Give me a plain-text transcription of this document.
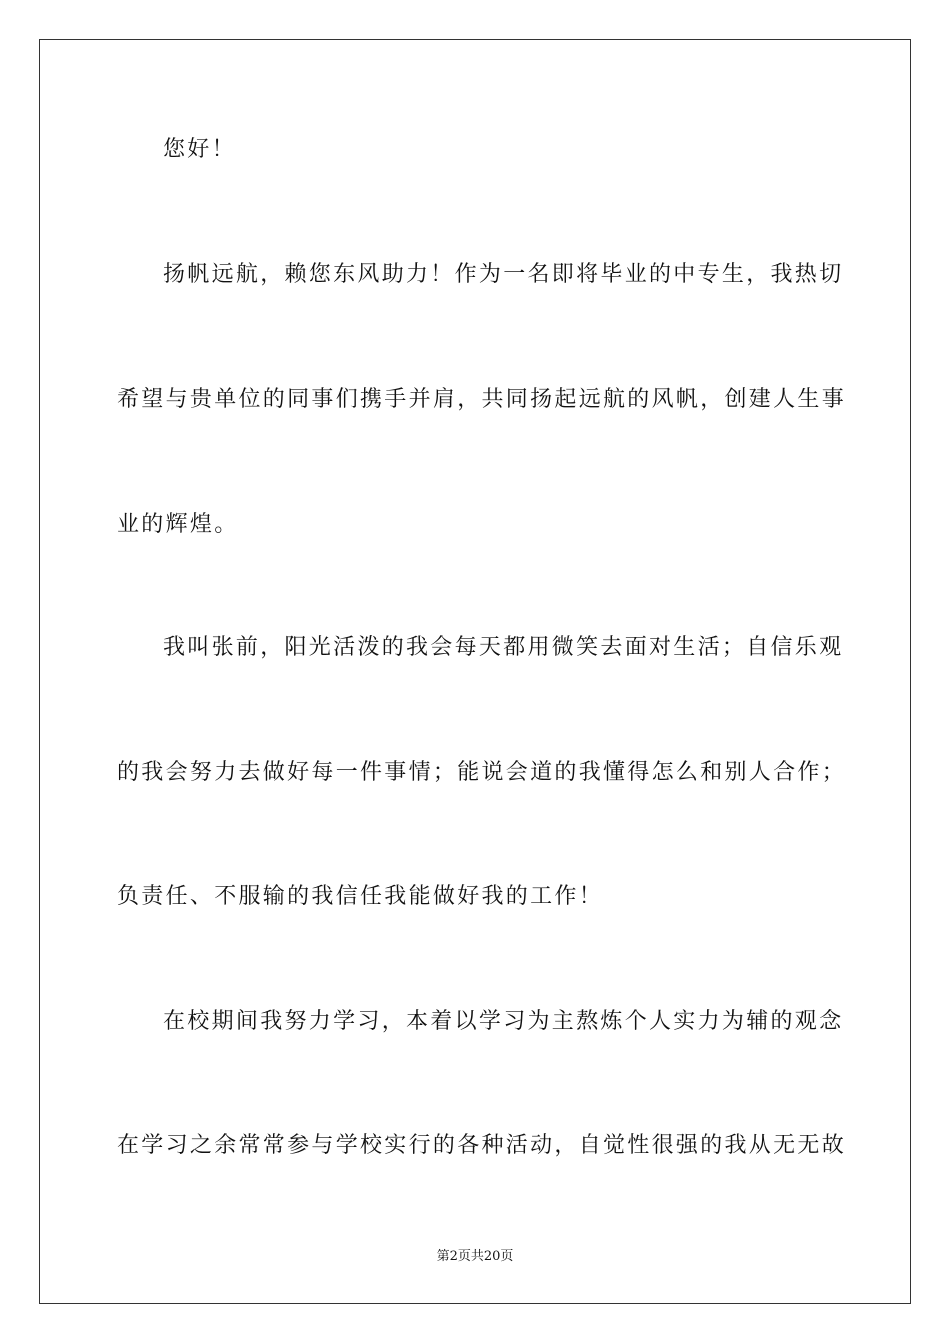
您好！
扬帆远航，赖您东风助力！作为一名即将毕业的中专生，我热切
希望与贵单位的同事们携手并肩，共同扬起远航的风帆，创建人生事
业的辉煌。
我叫张前，阳光活泼的我会每天都用微笑去面对生活；自信乐观
的我会努力去做好每一件事情；能说会道的我懂得怎么和别人合作；
负责任、不服输的我信任我能做好我的工作！
在校期间我努力学习，本着以学习为主熬炼个人实力为辅的观念
在学习之余常常参与学校实行的各种活动，自觉性很强的我从无无故
第2页共20页
